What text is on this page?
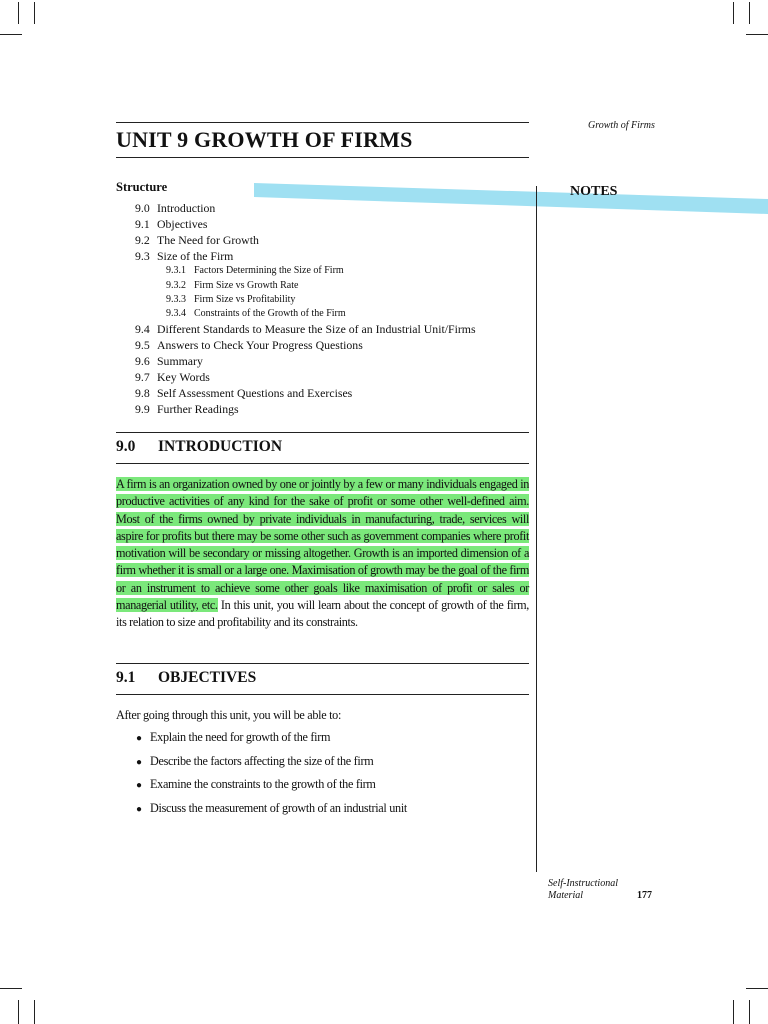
Growth of Firms
UNIT 9 GROWTH OF FIRMS
NOTES
Structure
9.0 Introduction
9.1 Objectives
9.2 The Need for Growth
9.3 Size of the Firm
9.3.1 Factors Determining the Size of Firm
9.3.2 Firm Size vs Growth Rate
9.3.3 Firm Size vs Profitability
9.3.4 Constraints of the Growth of the Firm
9.4 Different Standards to Measure the Size of an Industrial Unit/Firms
9.5 Answers to Check Your Progress Questions
9.6 Summary
9.7 Key Words
9.8 Self Assessment Questions and Exercises
9.9 Further Readings
9.0 INTRODUCTION
A firm is an organization owned by one or jointly by a few or many individuals engaged in productive activities of any kind for the sake of profit or some other well-defined aim. Most of the firms owned by private individuals in manufacturing, trade, services will aspire for profits but there may be some other such as government companies where profit motivation will be secondary or missing altogether. Growth is an imported dimension of a firm whether it is small or a large one. Maximisation of growth may be the goal of the firm or an instrument to achieve some other goals like maximisation of profit or sales or managerial utility, etc. In this unit, you will learn about the concept of growth of the firm, its relation to size and profitability and its constraints.
9.1 OBJECTIVES
After going through this unit, you will be able to:
● Explain the need for growth of the firm
● Describe the factors affecting the size of the firm
● Examine the constraints to the growth of the firm
● Discuss the measurement of growth of an industrial unit
Self-Instructional
Material	177
